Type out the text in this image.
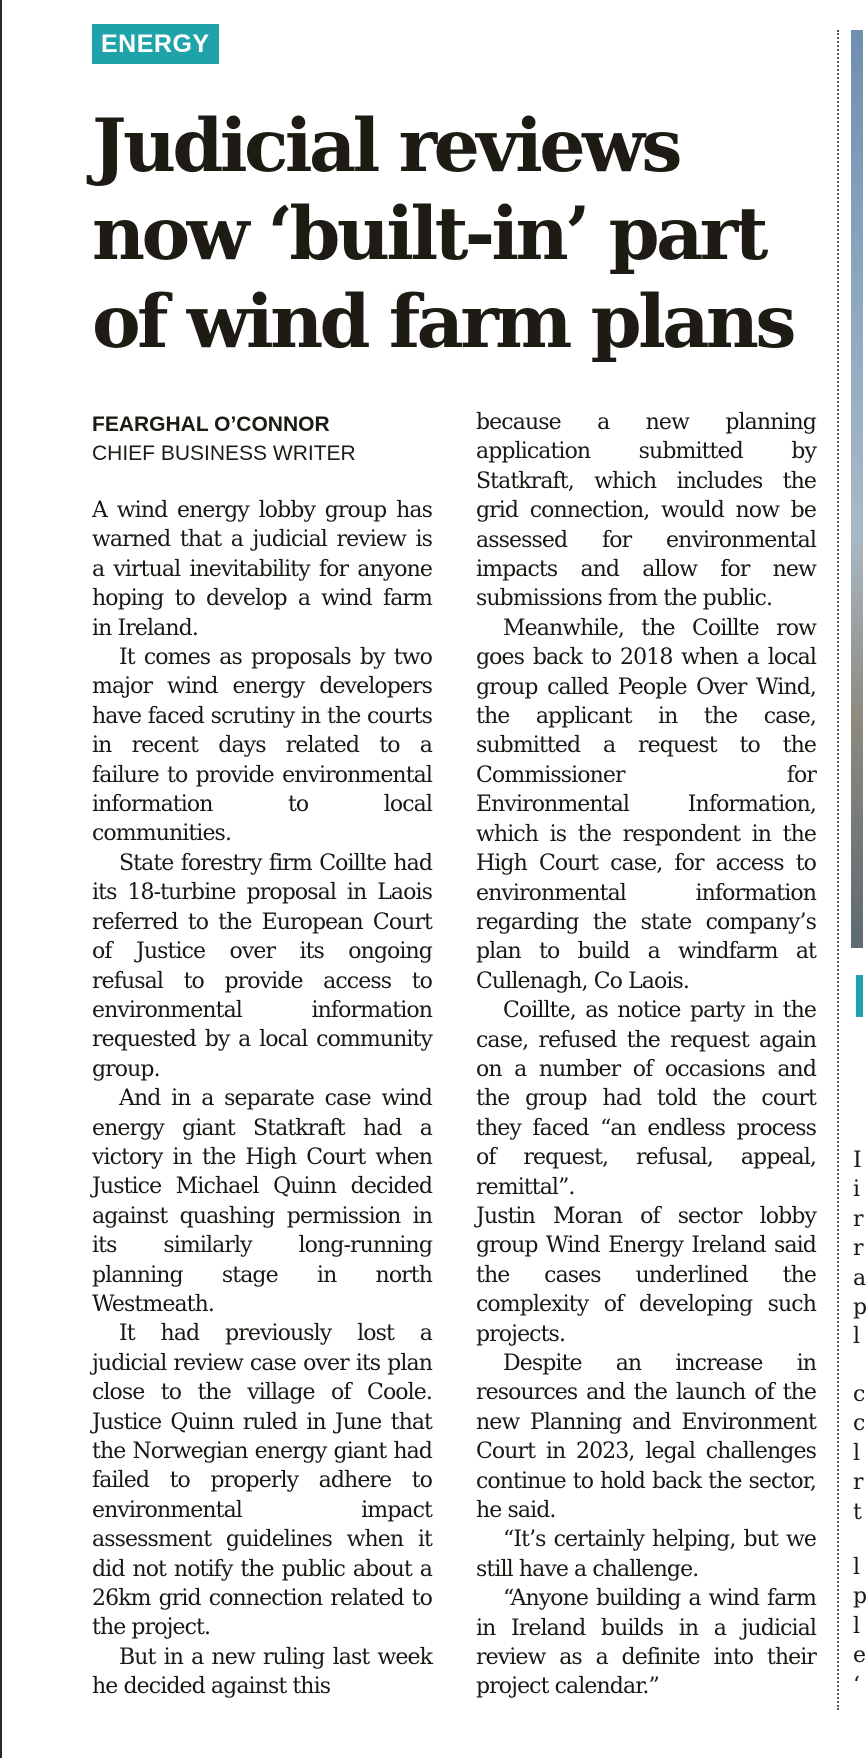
ENERGY
Judicial reviews
now ‘built-in’ part
of wind farm plans
FEARGHAL O’CONNOR
CHIEF BUSINESS WRITER

A wind energy lobby group has warned that a judicial review is a virtual inevitability for anyone hoping to develop a wind farm in Ireland.

It comes as proposals by two major wind energy developers have faced scrutiny in the courts in recent days related to a failure to provide environmental information to local communities.

State forestry firm Coillte had its 18-turbine proposal in Laois referred to the European Court of Justice over its ongoing refusal to provide access to environmental information requested by a local community group.

And in a separate case wind energy giant Statkraft had a victory in the High Court when Justice Michael Quinn decided against quashing permission in its similarly long-running planning stage in north Westmeath.

It had previously lost a judicial review case over its plan close to the village of Coole. Justice Quinn ruled in June that the Norwegian energy giant had failed to properly adhere to environmental impact assessment guidelines when it did not notify the public about a 26km grid connection related to the project.

But in a new ruling last week he decided against this

because a new planning application submitted by Statkraft, which includes the grid connection, would now be assessed for environmental impacts and allow for new submissions from the public.

Meanwhile, the Coillte row goes back to 2018 when a local group called People Over Wind, the applicant in the case, submitted a request to the Commissioner for Environmental Information, which is the respondent in the High Court case, for access to environmental information regarding the state company’s plan to build a windfarm at Cullenagh, Co Laois.

Coillte, as notice party in the case, refused the request again on a number of occasions and the group had told the court they faced “an endless process of request, refusal, appeal, remittal”.

Justin Moran of sector lobby group Wind Energy Ireland said the cases underlined the complexity of developing such projects.

Despite an increase in resources and the launch of the new Planning and Environment Court in 2023, legal challenges continue to hold back the sector, he said.

“It’s certainly helping, but we still have a challenge.

“Anyone building a wind farm in Ireland builds in a judicial review as a definite into their project calendar.”

I
i
r
r
a
p
l
c
c
l
r
t
l
p
l
e
‘
